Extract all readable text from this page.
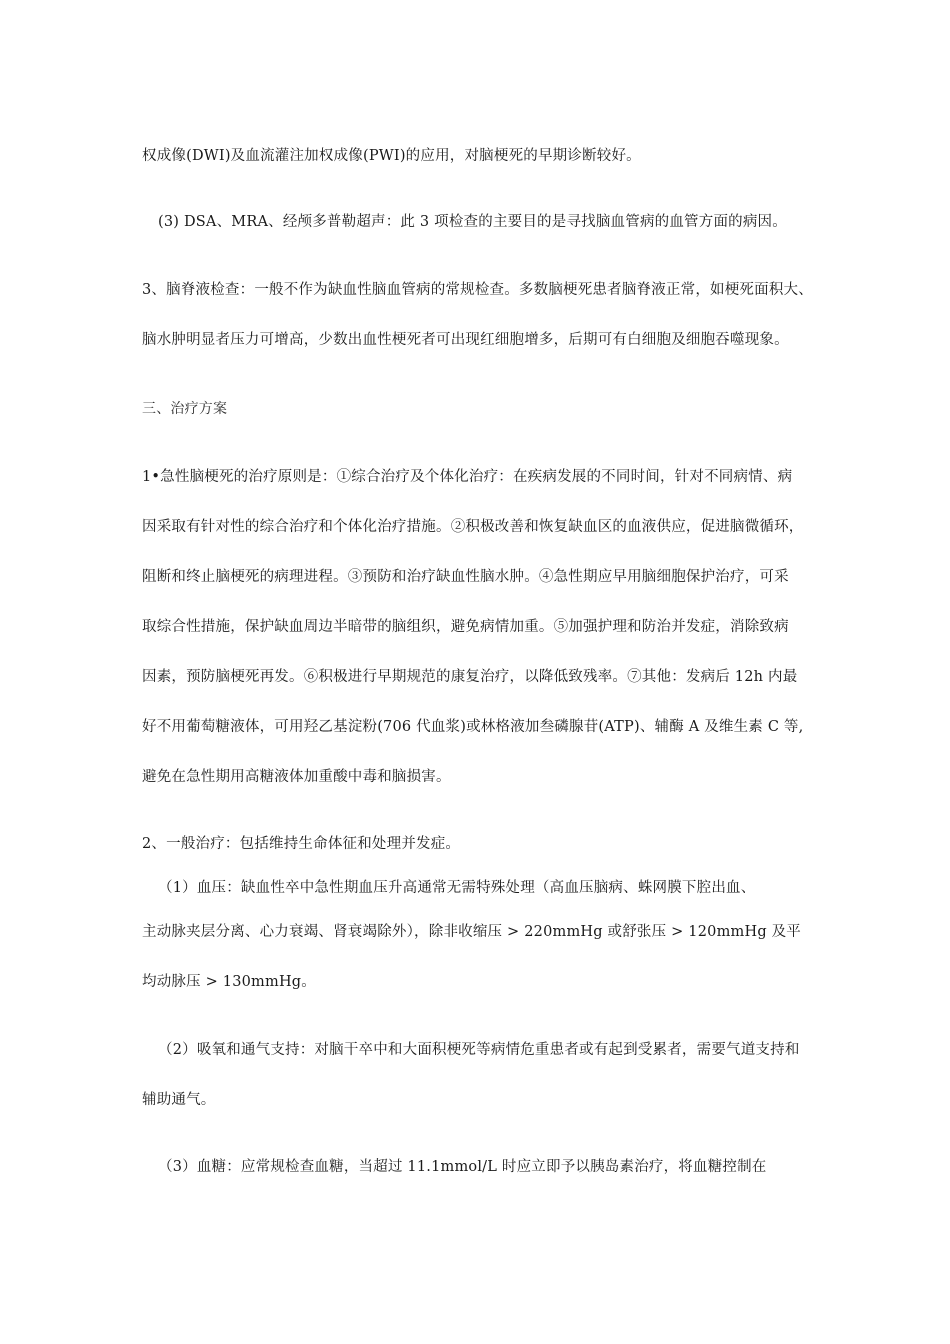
权成像(DWI)及血流灌注加权成像(PWI)的应用，对脑梗死的早期诊断较好。
(3) DSA、MRA、经颅多普勒超声：此 3 项检查的主要目的是寻找脑血管病的血管方面的病因。
3、脑脊液检查：一般不作为缺血性脑血管病的常规检查。多数脑梗死患者脑脊液正常，如梗死面积大、
脑水肿明显者压力可增高，少数出血性梗死者可出现红细胞增多，后期可有白细胞及细胞吞噬现象。
三、治疗方案
1•急性脑梗死的治疗原则是：①综合治疗及个体化治疗：在疾病发展的不同时间，针对不同病情、病
因采取有针对性的综合治疗和个体化治疗措施。②积极改善和恢复缺血区的血液供应，促进脑微循环，
阻断和终止脑梗死的病理进程。③预防和治疗缺血性脑水肿。④急性期应早用脑细胞保护治疗，可采
取综合性措施，保护缺血周边半暗带的脑组织，避免病情加重。⑤加强护理和防治并发症，消除致病
因素，预防脑梗死再发。⑥积极进行早期规范的康复治疗，以降低致残率。⑦其他：发病后 12h 内最
好不用葡萄糖液体，可用羟乙基淀粉(706 代血浆)或林格液加叁磷腺苷(ATP)、辅酶 A 及维生素 C 等,
避免在急性期用高糖液体加重酸中毒和脑损害。
2、一般治疗：包括维持生命体征和处理并发症。
（1）血压：缺血性卒中急性期血压升高通常无需特殊处理（高血压脑病、蛛网膜下腔出血、
主动脉夹层分离、心力衰竭、肾衰竭除外），除非收缩压 > 220mmHg 或舒张压 > 120mmHg 及平
均动脉压 > 130mmHg。
（2）吸氧和通气支持：对脑干卒中和大面积梗死等病情危重患者或有起到受累者，需要气道支持和
辅助通气。
（3）血糖：应常规检查血糖，当超过 11.1mmol/L 时应立即予以胰岛素治疗，将血糖控制在
